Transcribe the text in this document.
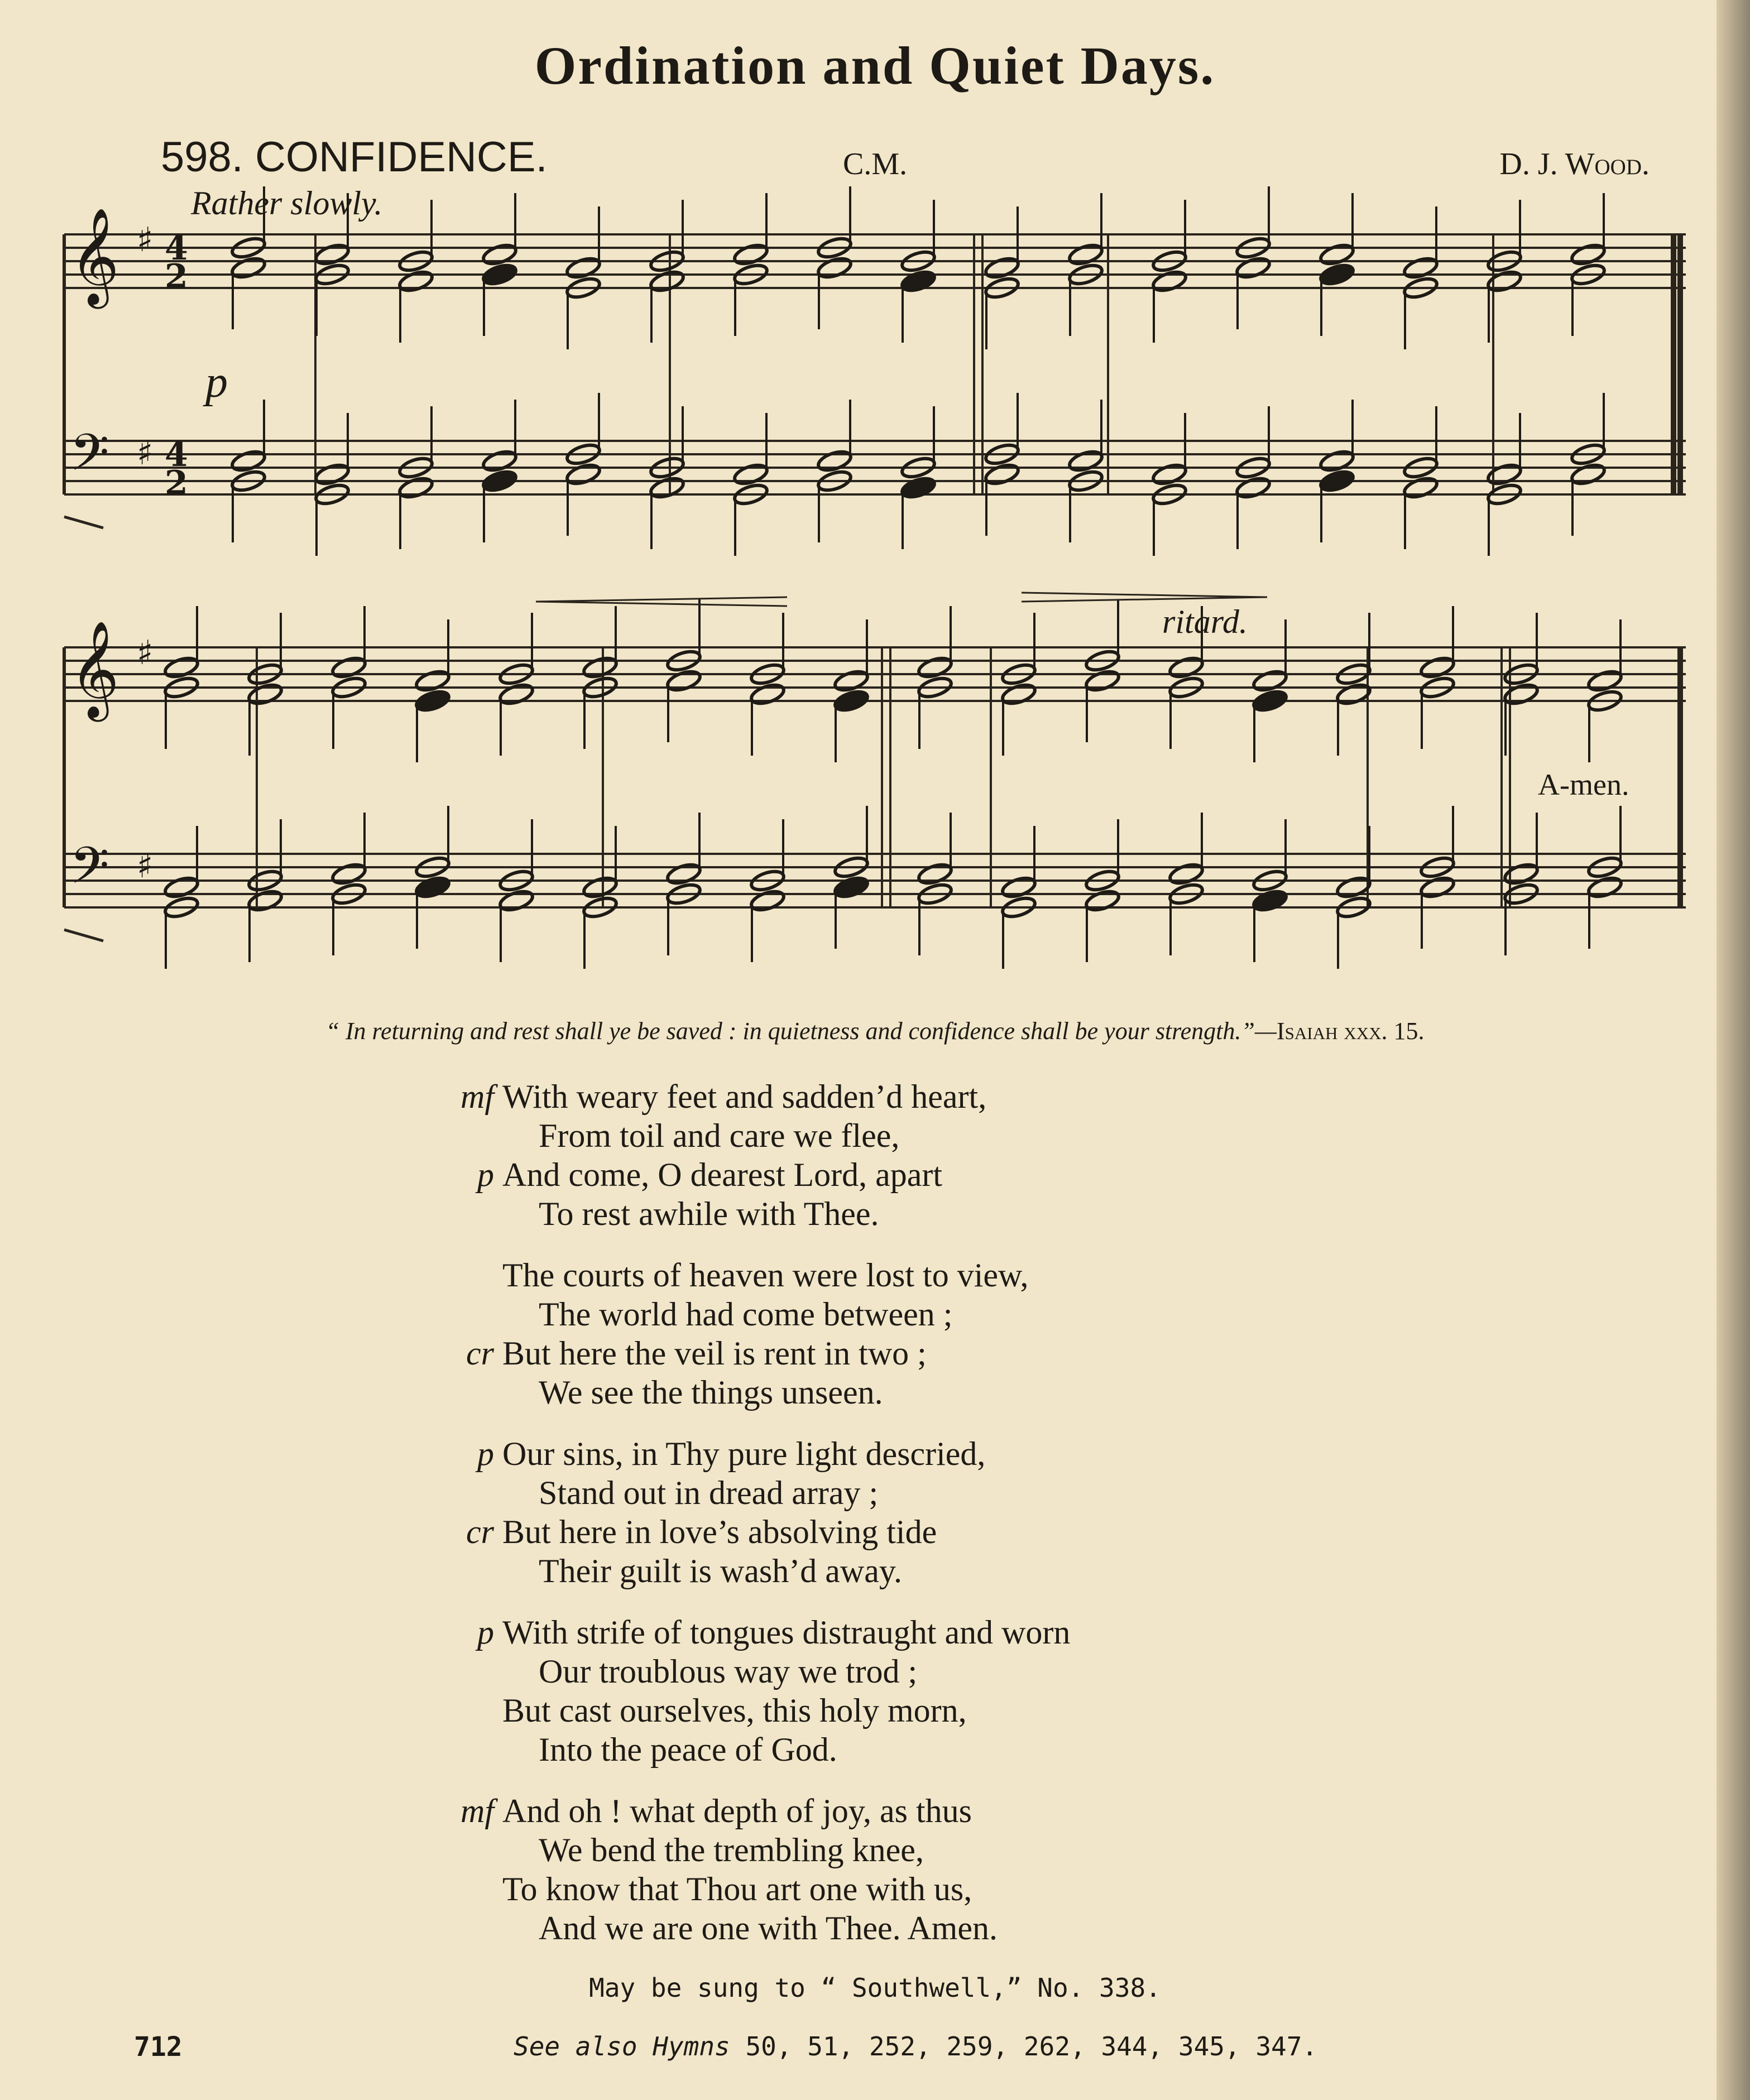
Ordination and Quiet Days.
598. CONFIDENCE.	C.M.	D. J. Wood.
Rather slowly.
p
ritard.
A-men.
𝄞 ♯ 4
2
𝄢 ♯ 4
2
𝄞 ♯
𝄢 ♯
“ In returning and rest shall ye be saved : in quietness and confidence shall be your strength.”—Isaiah xxx. 15.
mf With weary feet and sadden’d heart,
From toil and care we flee,
p And come, O dearest Lord, apart
To rest awhile with Thee.
The courts of heaven were lost to view,
The world had come between ;
cr But here the veil is rent in two ;
We see the things unseen.
p Our sins, in Thy pure light descried,
Stand out in dread array ;
cr But here in love’s absolving tide
Their guilt is wash’d away.
p With strife of tongues distraught and worn
Our troublous way we trod ;
But cast ourselves, this holy morn,
Into the peace of God.
mf And oh ! what depth of joy, as thus
We bend the trembling knee,
To know that Thou art one with us,
And we are one with Thee. Amen.
May be sung to “ Southwell,” No. 338.
712	See also Hymns 50, 51, 252, 259, 262, 344, 345, 347.
